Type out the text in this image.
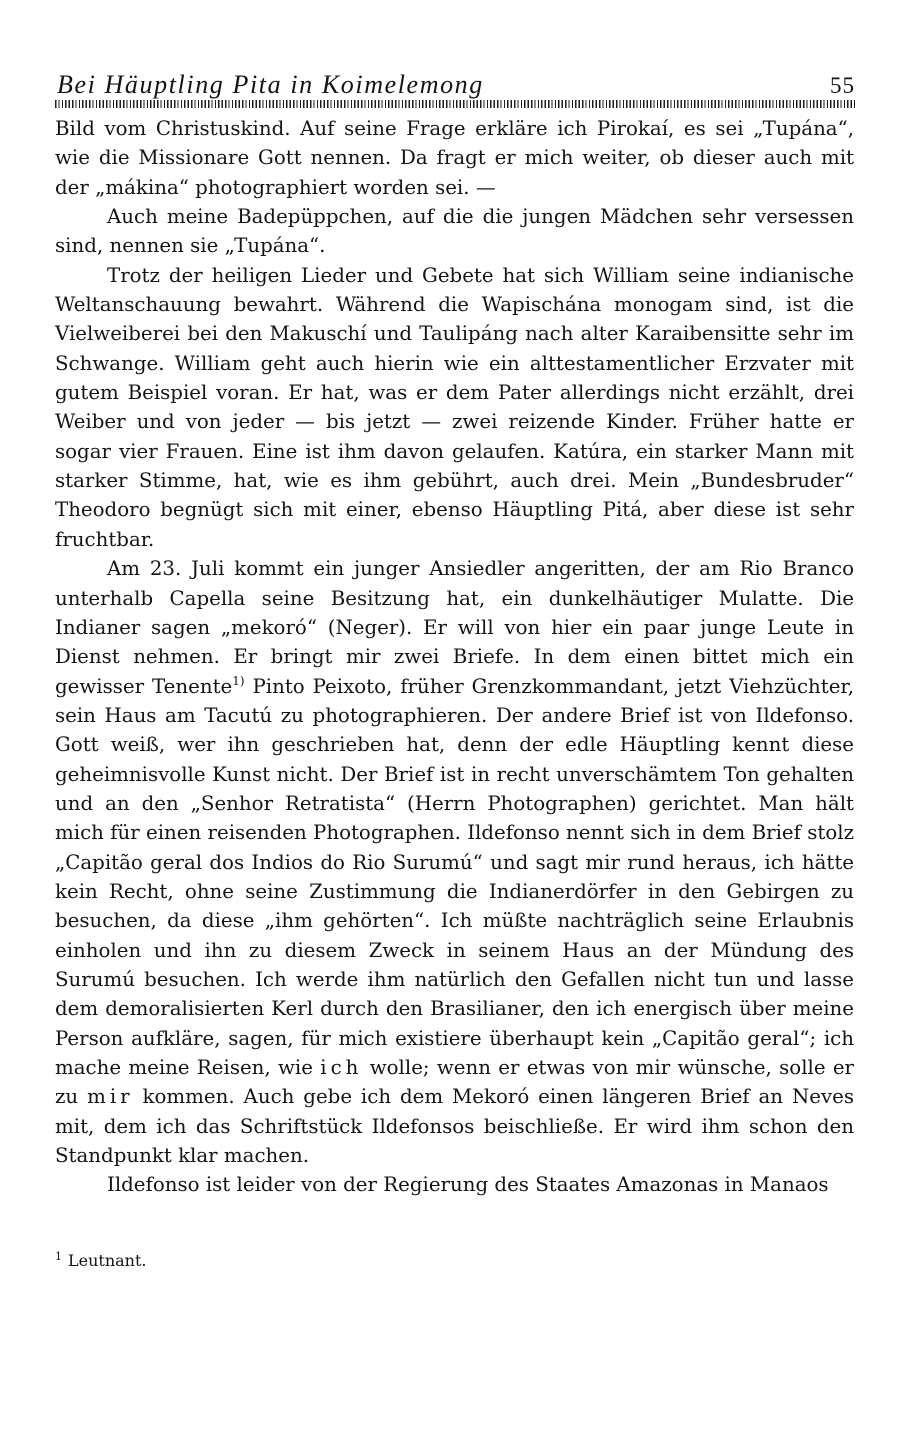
Bei Häuptling Pita in Koimelemong	55

Bild vom Christuskind. Auf seine Frage erkläre ich Pirokaí, es sei „Tupána“, wie die Missionare Gott nennen. Da fragt er mich weiter, ob dieser auch mit der „mákina“ photographiert worden sei. —

Auch meine Badepüppchen, auf die die jungen Mädchen sehr versessen sind, nennen sie „Tupána“.

Trotz der heiligen Lieder und Gebete hat sich William seine indianische Weltanschauung bewahrt. Während die Wapischána monogam sind, ist die Vielweiberei bei den Makuschí und Taulipáng nach alter Karaibensitte sehr im Schwange. William geht auch hierin wie ein alttestamentlicher Erzvater mit gutem Beispiel voran. Er hat, was er dem Pater allerdings nicht erzählt, drei Weiber und von jeder — bis jetzt — zwei reizende Kinder. Früher hatte er sogar vier Frauen. Eine ist ihm davon gelaufen. Katúra, ein starker Mann mit starker Stimme, hat, wie es ihm gebührt, auch drei. Mein „Bundesbruder“ Theodoro begnügt sich mit einer, ebenso Häuptling Pitá, aber diese ist sehr fruchtbar.

Am 23. Juli kommt ein junger Ansiedler angeritten, der am Rio Branco unterhalb Capella seine Besitzung hat, ein dunkelhäutiger Mulatte. Die Indianer sagen „mekoró“ (Neger). Er will von hier ein paar junge Leute in Dienst nehmen. Er bringt mir zwei Briefe. In dem einen bittet mich ein gewisser Tenente$^{1)}$ Pinto Peixoto, früher Grenzkommandant, jetzt Viehzüchter, sein Haus am Tacutú zu photographieren. Der andere Brief ist von Ildefonso. Gott weiß, wer ihn geschrieben hat, denn der edle Häuptling kennt diese geheimnisvolle Kunst nicht. Der Brief ist in recht unverschämtem Ton gehalten und an den „Senhor Retratista“ (Herrn Photographen) gerichtet. Man hält mich für einen reisenden Photographen. Ildefonso nennt sich in dem Brief stolz „Capitão geral dos Indios do Rio Surumú“ und sagt mir rund heraus, ich hätte kein Recht, ohne seine Zustimmung die Indianerdörfer in den Gebirgen zu besuchen, da diese „ihm gehörten“. Ich müßte nachträglich seine Erlaubnis einholen und ihn zu diesem Zweck in seinem Haus an der Mündung des Surumú besuchen. Ich werde ihm natürlich den Gefallen nicht tun und lasse dem demoralisierten Kerl durch den Brasilianer, den ich energisch über meine Person aufkläre, sagen, für mich existiere überhaupt kein „Capitão geral“; ich mache meine Reisen, wie ich wolle; wenn er etwas von mir wünsche, solle er zu mir kommen. Auch gebe ich dem Mekoró einen längeren Brief an Neves mit, dem ich das Schriftstück Ildefonsos beischließe. Er wird ihm schon den Standpunkt klar machen.

Ildefonso ist leider von der Regierung des Staates Amazonas in Manaos

$^1$ Leutnant.
